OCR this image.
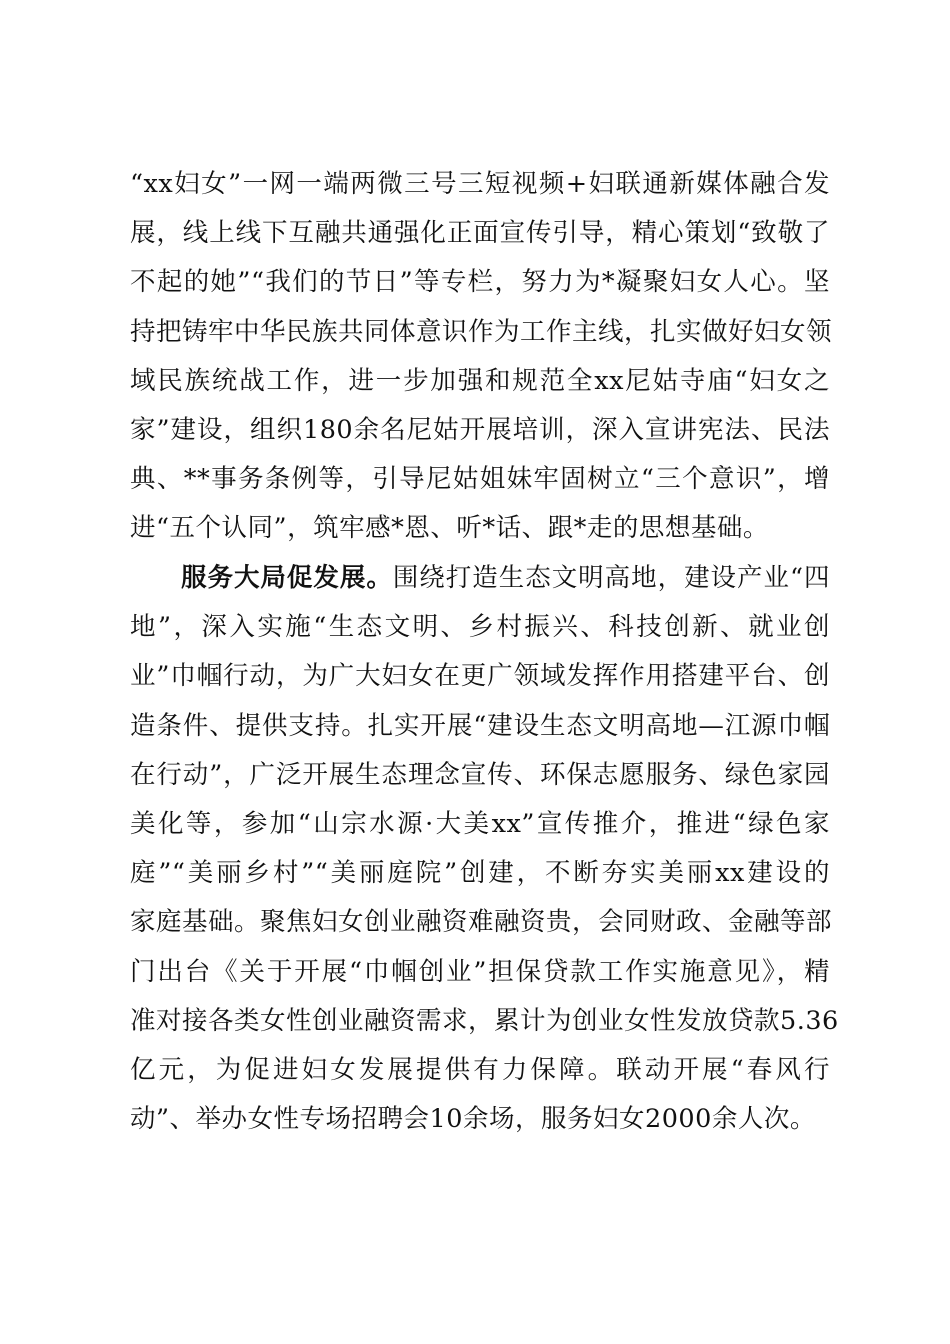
“xx妇女”一网一端两微三号三短视频+妇联通新媒体融合发
展，线上线下互融共通强化正面宣传引导，精心策划“致敬了
不起的她”“我们的节日”等专栏，努力为*凝聚妇女人心。坚
持把铸牢中华民族共同体意识作为工作主线，扎实做好妇女领
域民族统战工作，进一步加强和规范全xx尼姑寺庙“妇女之
家”建设，组织180余名尼姑开展培训，深入宣讲宪法、民法
典、**事务条例等，引导尼姑姐妹牢固树立“三个意识”，增
进“五个认同”，筑牢感*恩、听*话、跟*走的思想基础。
服务大局促发展。围绕打造生态文明高地，建设产业“四
地”，深入实施“生态文明、乡村振兴、科技创新、就业创
业”巾帼行动，为广大妇女在更广领域发挥作用搭建平台、创
造条件、提供支持。扎实开展“建设生态文明高地—江源巾帼
在行动”，广泛开展生态理念宣传、环保志愿服务、绿色家园
美化等，参加“山宗水源·大美xx”宣传推介，推进“绿色家
庭”“美丽乡村”“美丽庭院”创建，不断夯实美丽xx建设的
家庭基础。聚焦妇女创业融资难融资贵，会同财政、金融等部
门出台《关于开展“巾帼创业”担保贷款工作实施意见》，精
准对接各类女性创业融资需求，累计为创业女性发放贷款5.36
亿元，为促进妇女发展提供有力保障。联动开展“春风行
动”、举办女性专场招聘会10余场，服务妇女2000余人次。
